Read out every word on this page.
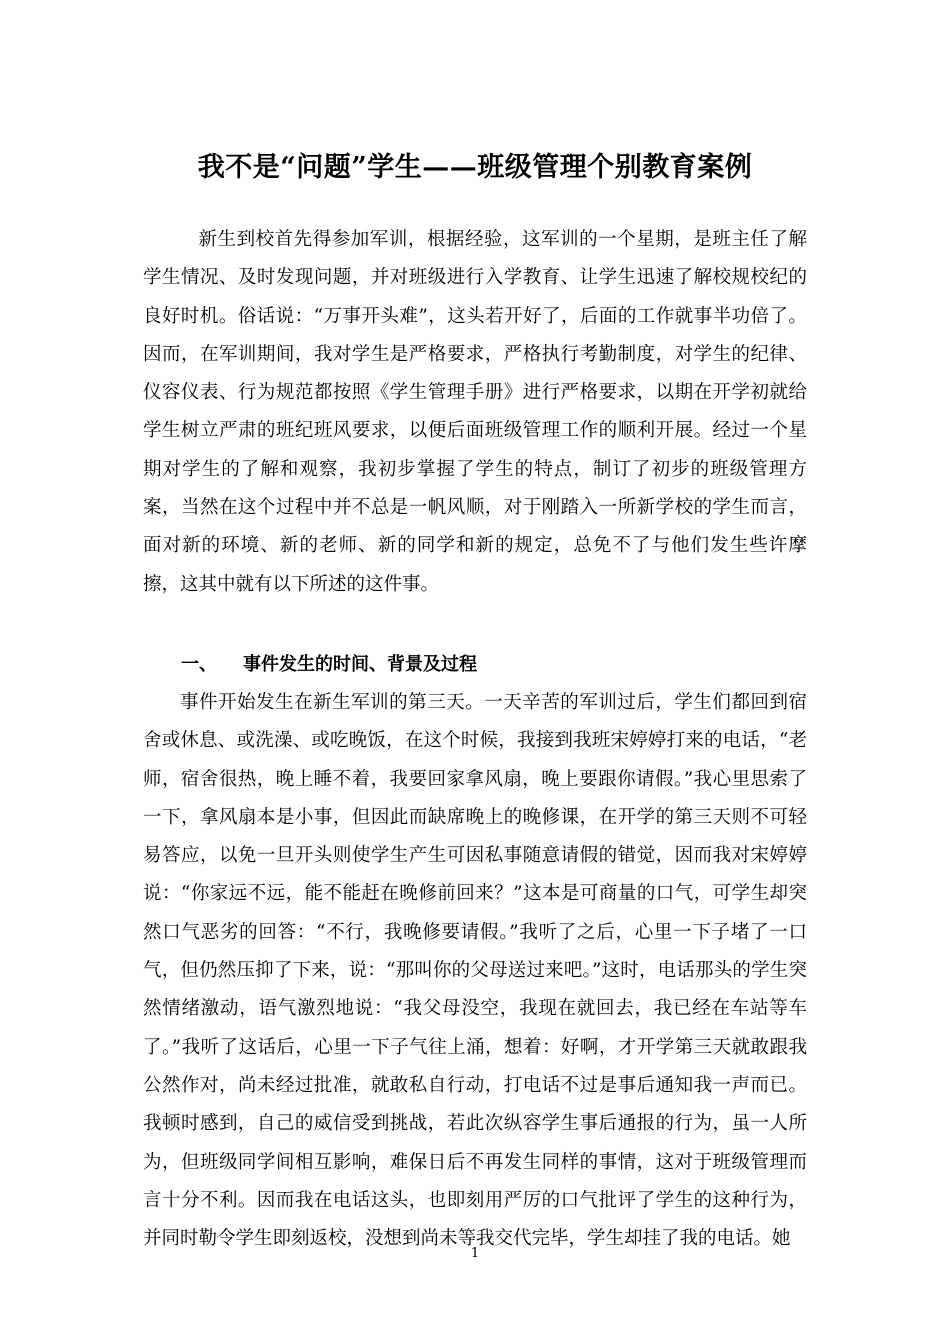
我不是“问题”学生——班级管理个别教育案例

新生到校首先得参加军训，根据经验，这军训的一个星期，是班主任了解学生情况、及时发现问题，并对班级进行入学教育、让学生迅速了解校规校纪的良好时机。俗话说：“万事开头难”，这头若开好了，后面的工作就事半功倍了。因而，在军训期间，我对学生是严格要求，严格执行考勤制度，对学生的纪律、仪容仪表、行为规范都按照《学生管理手册》进行严格要求，以期在开学初就给学生树立严肃的班纪班风要求，以便后面班级管理工作的顺利开展。经过一个星期对学生的了解和观察，我初步掌握了学生的特点，制订了初步的班级管理方案，当然在这个过程中并不总是一帆风顺，对于刚踏入一所新学校的学生而言，面对新的环境、新的老师、新的同学和新的规定，总免不了与他们发生些许摩擦，这其中就有以下所述的这件事。

一、	事件发生的时间、背景及过程

事件开始发生在新生军训的第三天。一天辛苦的军训过后，学生们都回到宿舍或休息、或洗澡、或吃晚饭，在这个时候，我接到我班宋婷婷打来的电话，“老师，宿舍很热，晚上睡不着，我要回家拿风扇，晚上要跟你请假。”我心里思索了一下，拿风扇本是小事，但因此而缺席晚上的晚修课，在开学的第三天则不可轻易答应，以免一旦开头则使学生产生可因私事随意请假的错觉，因而我对宋婷婷说：“你家远不远，能不能赶在晚修前回来？”这本是可商量的口气，可学生却突然口气恶劣的回答：“不行，我晚修要请假。”我听了之后，心里一下子堵了一口气，但仍然压抑了下来，说：“那叫你的父母送过来吧。”这时，电话那头的学生突然情绪激动，语气激烈地说：“我父母没空，我现在就回去，我已经在车站等车了。”我听了这话后，心里一下子气往上涌，想着：好啊，才开学第三天就敢跟我公然作对，尚未经过批准，就敢私自行动，打电话不过是事后通知我一声而已。我顿时感到，自己的威信受到挑战，若此次纵容学生事后通报的行为，虽一人所为，但班级同学间相互影响，难保日后不再发生同样的事情，这对于班级管理而言十分不利。因而我在电话这头，也即刻用严厉的口气批评了学生的这种行为，并同时勒令学生即刻返校，没想到尚未等我交代完毕，学生却挂了我的电话。她

1
